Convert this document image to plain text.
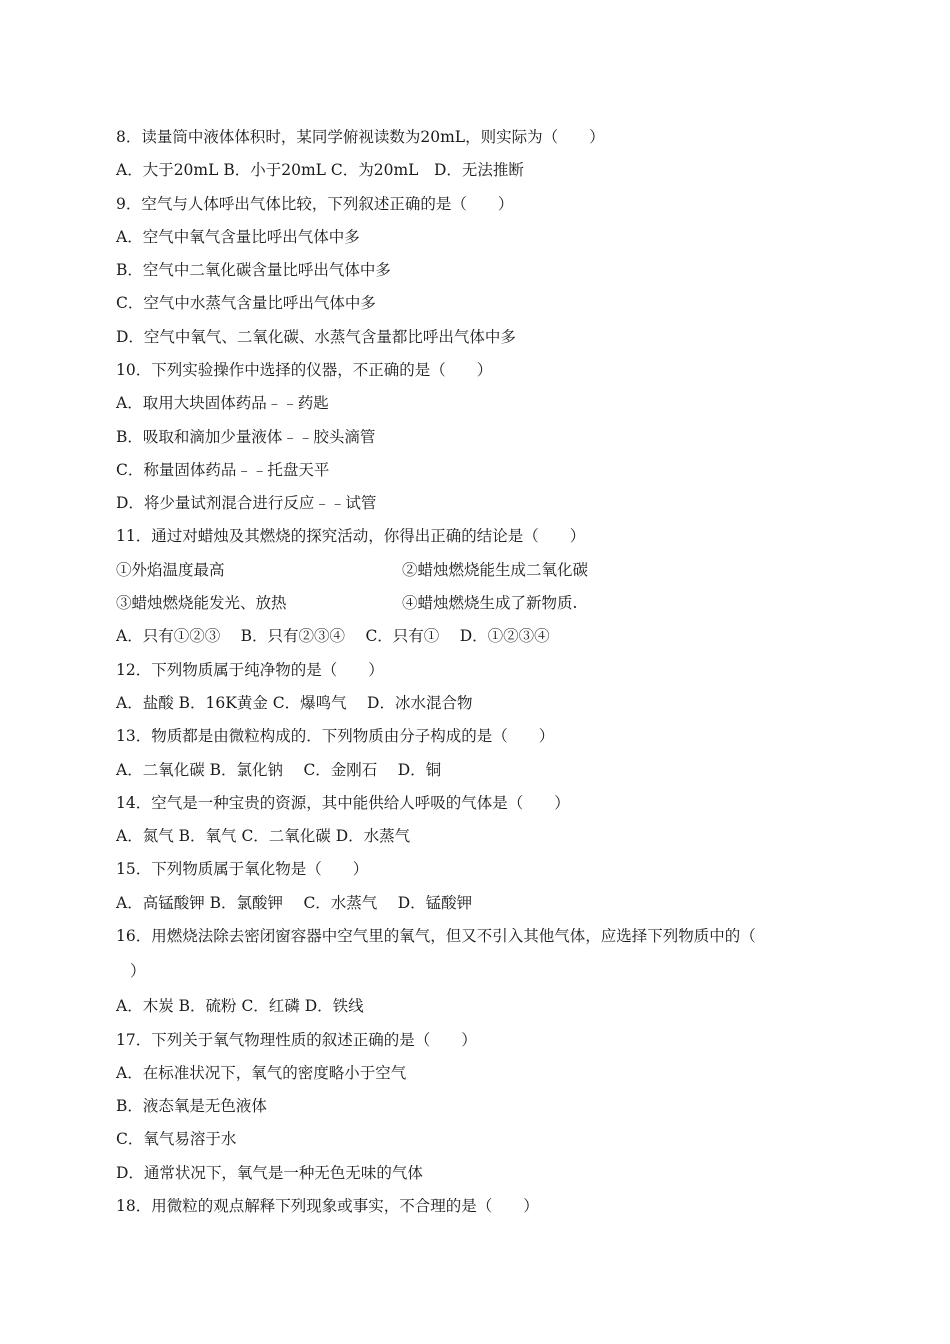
8．读量筒中液体体积时，某同学俯视读数为20mL，则实际为（　　）
A．大于20mL B．小于20mL C．为20mL　D．无法推断
9．空气与人体呼出气体比较，下列叙述正确的是（　　）
A．空气中氧气含量比呼出气体中多
B．空气中二氧化碳含量比呼出气体中多
C．空气中水蒸气含量比呼出气体中多
D．空气中氧气、二氧化碳、水蒸气含量都比呼出气体中多
10．下列实验操作中选择的仪器，不正确的是（　　）
A．取用大块固体药品﹣﹣药匙
B．吸取和滴加少量液体﹣﹣胶头滴管
C．称量固体药品﹣﹣托盘天平
D．将少量试剂混合进行反应﹣﹣试管
11．通过对蜡烛及其燃烧的探究活动，你得出正确的结论是（　　）
①外焰温度最高	②蜡烛燃烧能生成二氧化碳
③蜡烛燃烧能发光、放热	④蜡烛燃烧生成了新物质.
A．只有①②③　 B．只有②③④　 C．只有①　 D．①②③④
12．下列物质属于纯净物的是（　　）
A．盐酸 B．16K黄金 C．爆鸣气　 D．冰水混合物
13．物质都是由微粒构成的．下列物质由分子构成的是（　　）
A．二氧化碳 B．氯化钠　 C．金刚石　 D．铜
14．空气是一种宝贵的资源，其中能供给人呼吸的气体是（　　）
A．氮气 B．氧气 C．二氧化碳 D．水蒸气
15．下列物质属于氧化物是（　　）
A．高锰酸钾 B．氯酸钾　 C．水蒸气　 D．锰酸钾
16．用燃烧法除去密闭窗容器中空气里的氧气，但又不引入其他气体，应选择下列物质中的（
）
A．木炭 B．硫粉 C．红磷 D．铁线
17．下列关于氧气物理性质的叙述正确的是（　　）
A．在标准状况下，氧气的密度略小于空气
B．液态氧是无色液体
C．氧气易溶于水
D．通常状况下，氧气是一种无色无味的气体
18．用微粒的观点解释下列现象或事实，不合理的是（　　）
